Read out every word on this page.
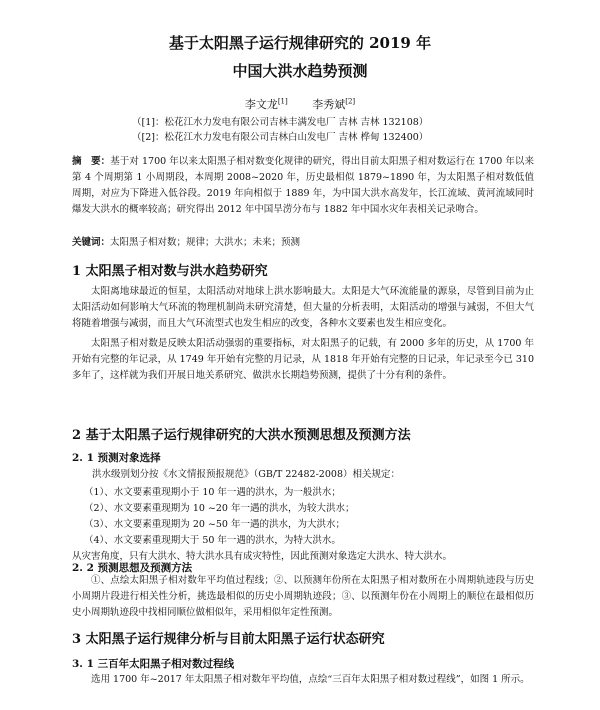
基于太阳黑子运行规律研究的 2019 年
中国大洪水趋势预测
李文龙[1] 李秀斌[2]
（[1]：松花江水力发电有限公司吉林丰满发电厂 吉林 吉林 132108）
（[2]：松花江水力发电有限公司吉林白山发电厂 吉林 桦甸 132400）
摘　要：基于对 1700 年以来太阳黑子相对数变化规律的研究，得出目前太阳黑子相对数运行在 1700 年以来第 4 个周期第 1 小周期段，本周期 2008~2020 年，历史最相似 1879~1890 年，为太阳黑子相对数低值周期，对应为下降进入低谷段。2019 年向相似于 1889 年，为中国大洪水高发年，长江流域、黄河流域同时爆发大洪水的概率较高；研究得出 2012 年中国旱涝分布与 1882 年中国水灾年表相关记录吻合。
关键词：太阳黑子相对数；规律；大洪水；未来；预测
1 太阳黑子相对数与洪水趋势研究
太阳离地球最近的恒星，太阳活动对地球上洪水影响最大。太阳是大气环流能量的源泉，尽管到目前为止太阳活动如何影响大气环流的物理机制尚未研究清楚，但大量的分析表明，太阳活动的增强与减弱，不但大气将随着增强与减弱，而且大气环流型式也发生相应的改变，各种水文要素也发生相应变化。
太阳黑子相对数是反映太阳活动强弱的重要指标，对太阳黑子的记载，有 2000 多年的历史，从 1700 年开始有完整的年记录，从 1749 年开始有完整的月记录，从 1818 年开始有完整的日记录，年记录至今已 310 多年了，这样就为我们开展日地关系研究、做洪水长期趋势预测，提供了十分有利的条件。
2 基于太阳黑子运行规律研究的大洪水预测思想及预测方法
2. 1 预测对象选择
洪水级别划分按《水文情报预报规范》（GB/T 22482-2008）相关规定：
（1）、水文要素重现期小于 10 年一遇的洪水，为一般洪水；
（2）、水文要素重现期为 10 ~20 年一遇的洪水，为较大洪水；
（3）、水文要素重现期为 20 ~50 年一遇的洪水，为大洪水；
（4）、水文要素重现期大于 50 年一遇的洪水，为特大洪水。
从灾害角度，只有大洪水、特大洪水具有成灾特性，因此预测对象选定大洪水、特大洪水。
2. 2 预测思想及预测方法
①、点绘太阳黑子相对数年平均值过程线；②、以预测年份所在太阳黑子相对数所在小周期轨迹段与历史小周期片段进行相关性分析，挑选最相似的历史小周期轨迹段；③、以预测年份在小周期上的顺位在最相似历史小周期轨迹段中找相同顺位做相似年，采用相似年定性预测。
3 太阳黑子运行规律分析与目前太阳黑子运行状态研究
3. 1 三百年太阳黑子相对数过程线
选用 1700 年~2017 年太阳黑子相对数年平均值，点绘“三百年太阳黑子相对数过程线”，如图 1 所示。
